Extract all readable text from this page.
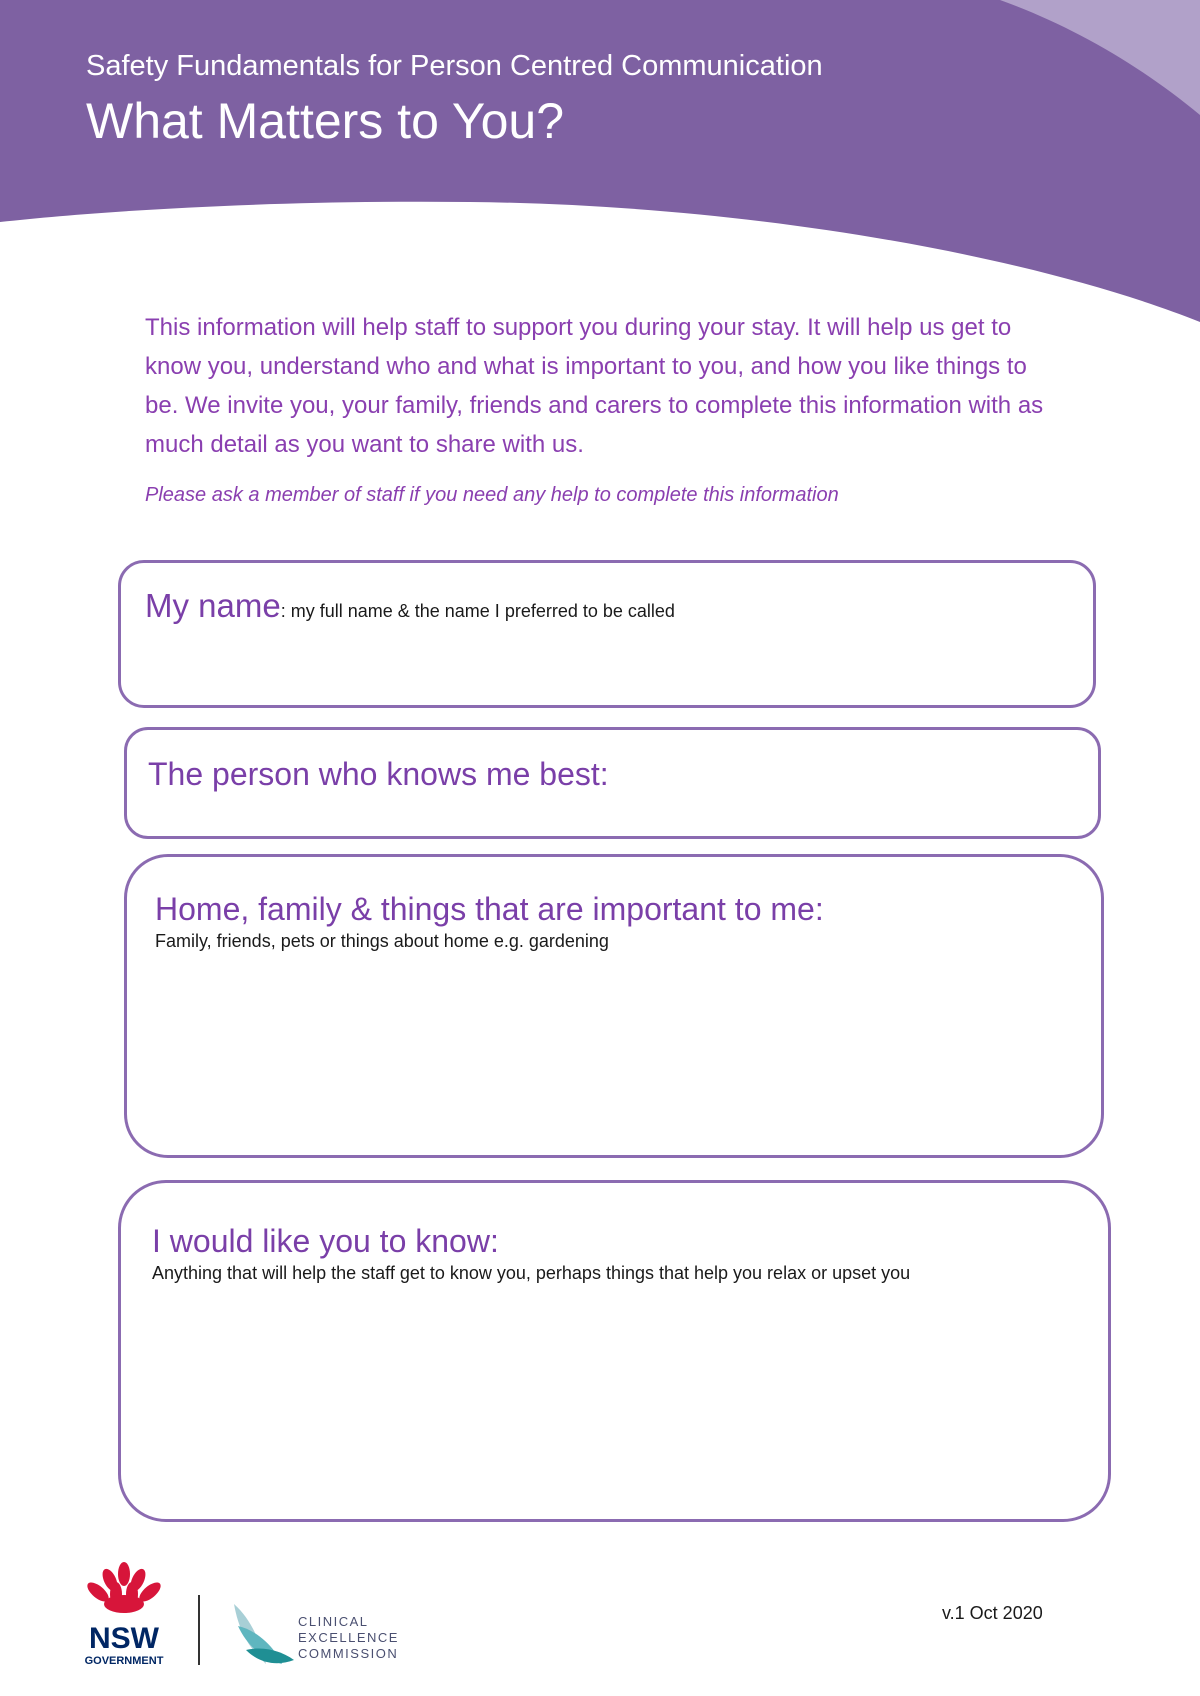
Safety Fundamentals for Person Centred Communication
What Matters to You?

This information will help staff to support you during your stay. It will help us get to know you, understand who and what is important to you, and how you like things to be. We invite you, your family, friends and carers to complete this information with as much detail as you want to share with us.

Please ask a member of staff if you need any help to complete this information

My name: my full name & the name I preferred to be called
The person who knows me best:
Home, family & things that are important to me:
Family, friends, pets or things about home e.g. gardening
I would like you to know:
Anything that will help the staff get to know you, perhaps things that help you relax or upset you
NSW
GOVERNMENT

CLINICAL
EXCELLENCE
COMMISSION

v.1 Oct 2020
